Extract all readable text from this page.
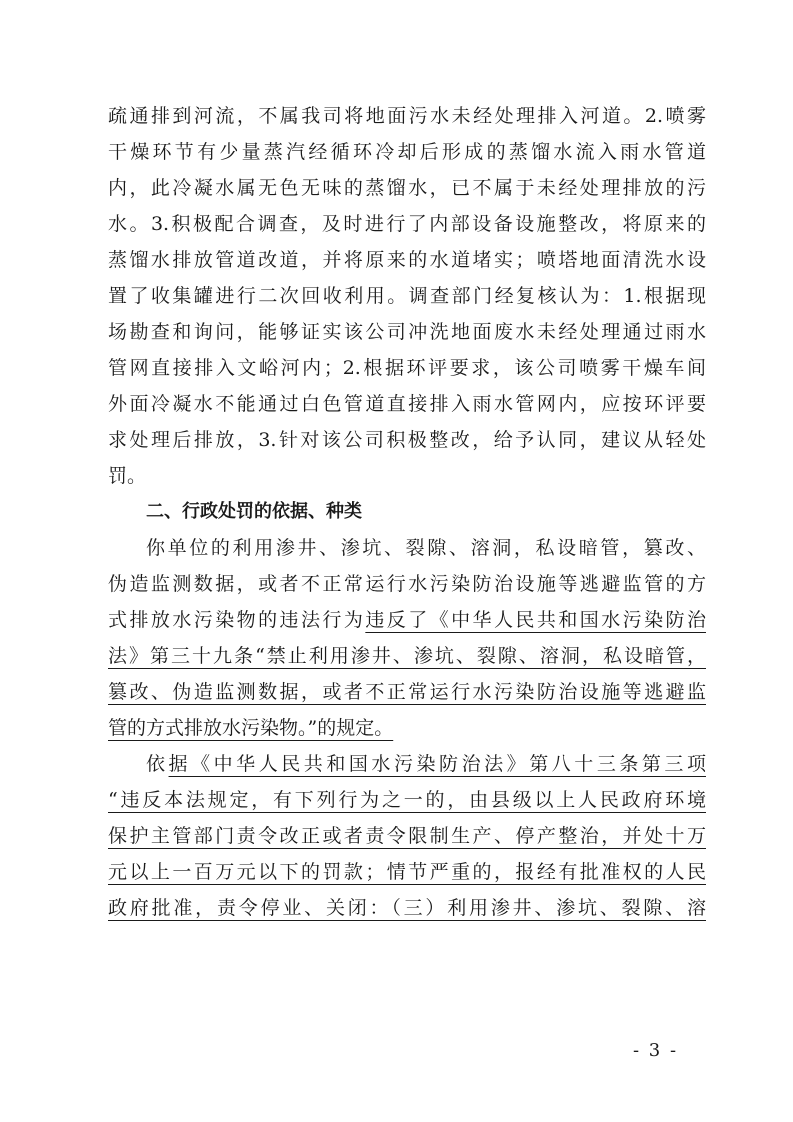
疏通排到河流，不属我司将地面污水未经处理排入河道。2.喷雾
干燥环节有少量蒸汽经循环冷却后形成的蒸馏水流入雨水管道
内，此冷凝水属无色无味的蒸馏水，已不属于未经处理排放的污
水。3.积极配合调查，及时进行了内部设备设施整改，将原来的
蒸馏水排放管道改道，并将原来的水道堵实；喷塔地面清洗水设
置了收集罐进行二次回收利用。调查部门经复核认为：1.根据现
场勘查和询问，能够证实该公司冲洗地面废水未经处理通过雨水
管网直接排入文峪河内；2.根据环评要求，该公司喷雾干燥车间
外面冷凝水不能通过白色管道直接排入雨水管网内，应按环评要
求处理后排放，3.针对该公司积极整改，给予认同，建议从轻处
罚。
二、行政处罚的依据、种类
你单位的利用渗井、渗坑、裂隙、溶洞，私设暗管，篡改、
伪造监测数据，或者不正常运行水污染防治设施等逃避监管的方
式排放水污染物的违法行为违反了《中华人民共和国水污染防治
法》第三十九条“禁止利用渗井、渗坑、裂隙、溶洞，私设暗管，
篡改、伪造监测数据，或者不正常运行水污染防治设施等逃避监
管的方式排放水污染物。”的规定。
依据《中华人民共和国水污染防治法》第八十三条第三项
“违反本法规定，有下列行为之一的，由县级以上人民政府环境
保护主管部门责令改正或者责令限制生产、停产整治，并处十万
元以上一百万元以下的罚款；情节严重的，报经有批准权的人民
政府批准，责令停业、关闭：（三）利用渗井、渗坑、裂隙、溶
- 3 -
